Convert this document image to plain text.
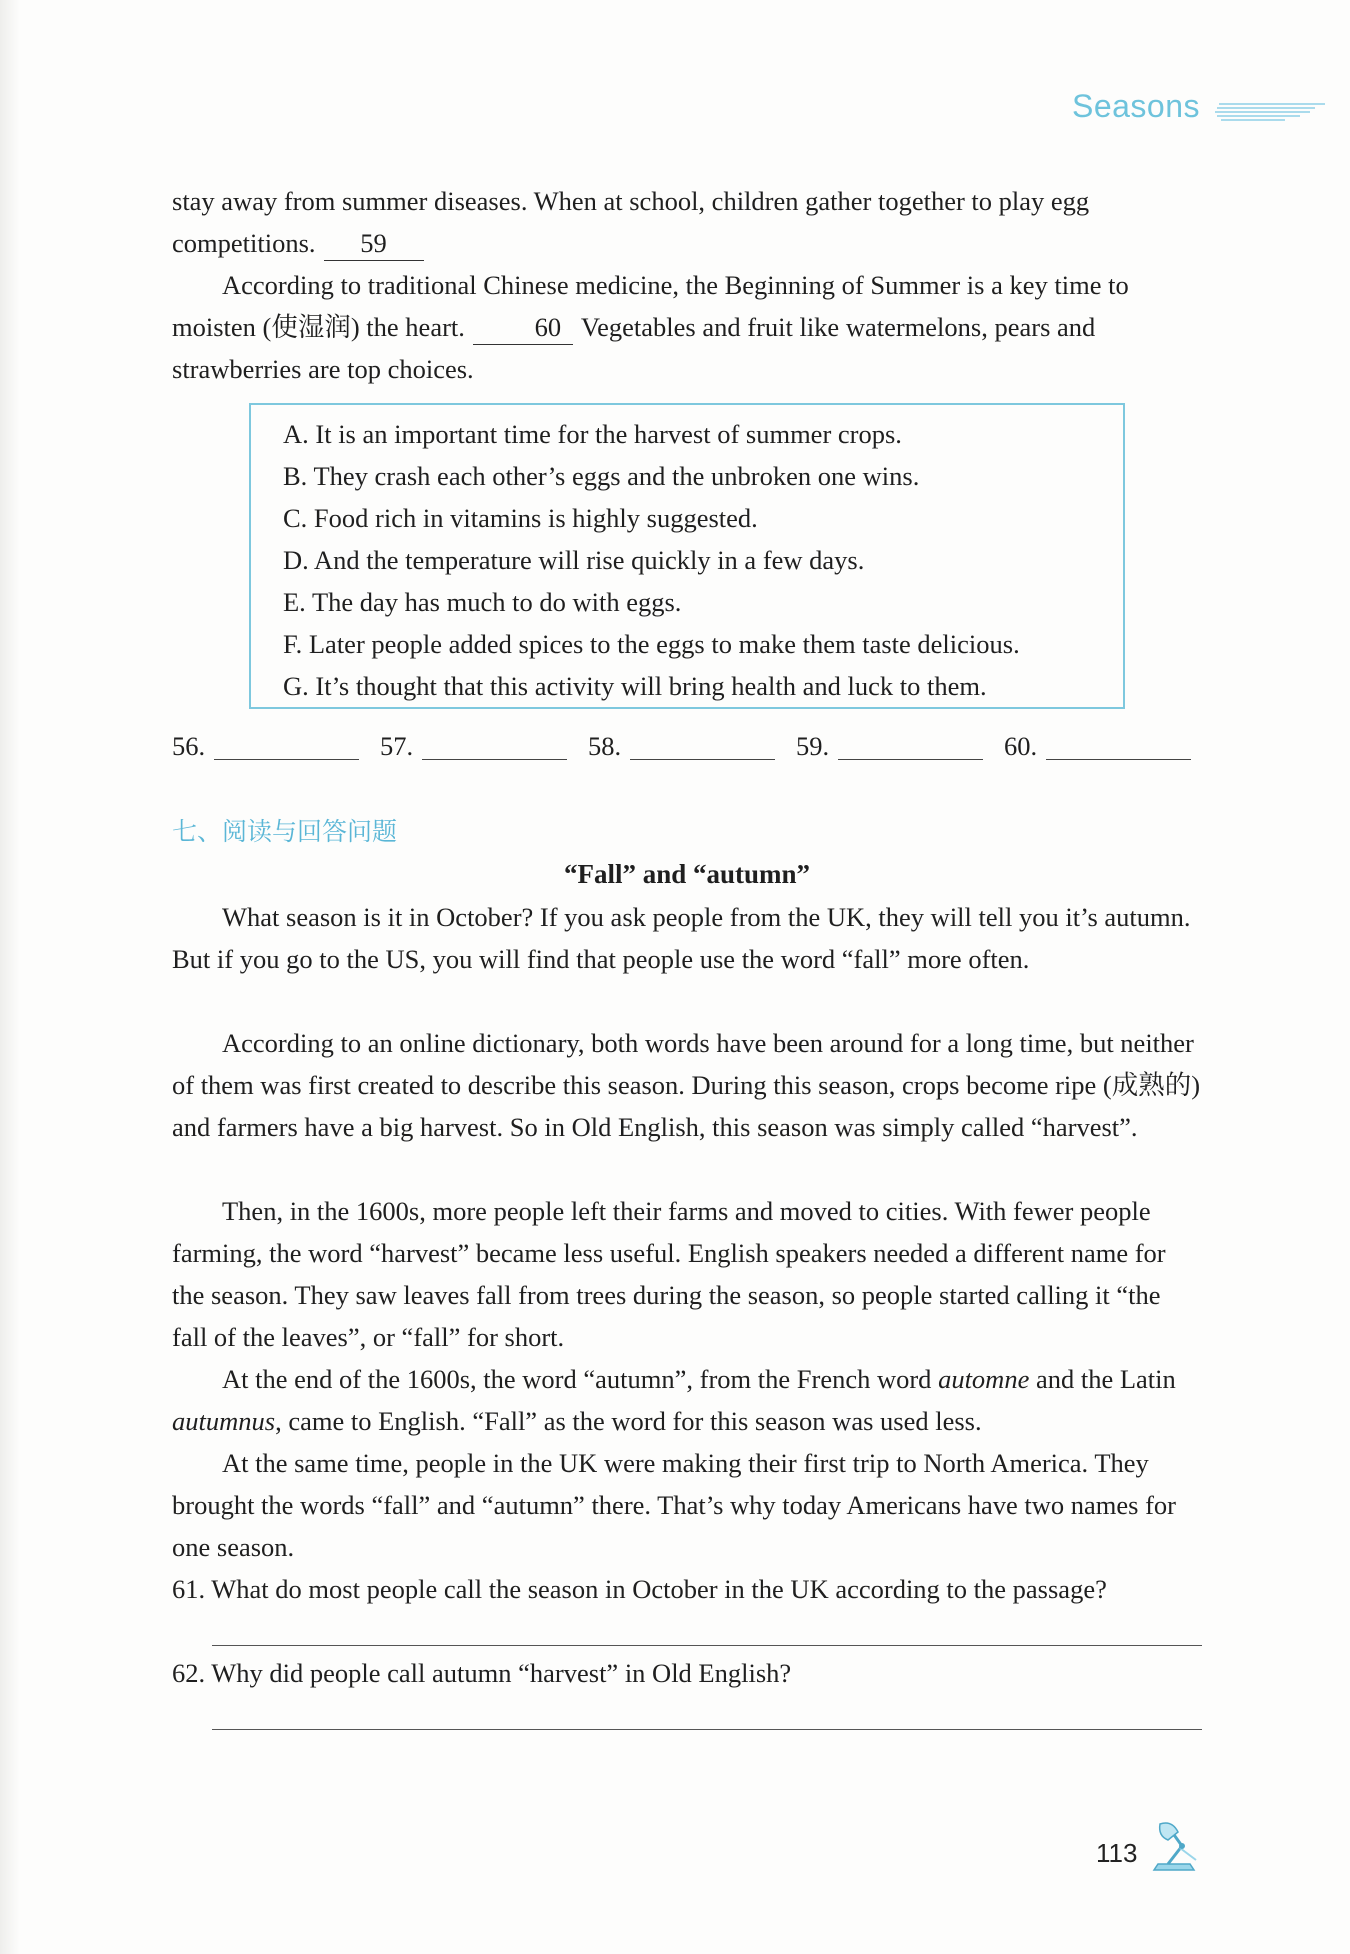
Seasons

stay away from summer diseases. When at school, children gather together to play egg competitions. 59

According to traditional Chinese medicine, the Beginning of Summer is a key time to moisten (使湿润) the heart.	60 Vegetables and fruit like watermelons, pears and strawberries are top choices.

A. It is an important time for the harvest of summer crops.

B. They crash each other’s eggs and the unbroken one wins.

C. Food rich in vitamins is highly suggested.

D. And the temperature will rise quickly in a few days.

E. The day has much to do with eggs.

F. Later people added spices to the eggs to make them taste delicious.

G. It’s thought that this activity will bring health and luck to them.

56.	57.	58.	59.	60.
七、阅读与回答问题
“Fall” and “autumn”

What season is it in October? If you ask people from the UK, they will tell you it’s autumn. But if you go to the US, you will find that people use the word “fall” more often.

According to an online dictionary, both words have been around for a long time, but neither of them was first created to describe this season. During this season, crops become ripe (成熟的) and farmers have a big harvest. So in Old English, this season was simply called “harvest”.

Then, in the 1600s, more people left their farms and moved to cities. With fewer people farming, the word “harvest” became less useful. English speakers needed a different name for the season. They saw leaves fall from trees during the season, so people started calling it “the fall of the leaves”, or “fall” for short.

At the end of the 1600s, the word “autumn”, from the French word automne and the Latin autumnus, came to English. “Fall” as the word for this season was used less.

At the same time, people in the UK were making their first trip to North America. They brought the words “fall” and “autumn” there. That’s why today Americans have two names for one season.

61. What do most people call the season in October in the UK according to the passage?

62. Why did people call autumn “harvest” in Old English?

113
